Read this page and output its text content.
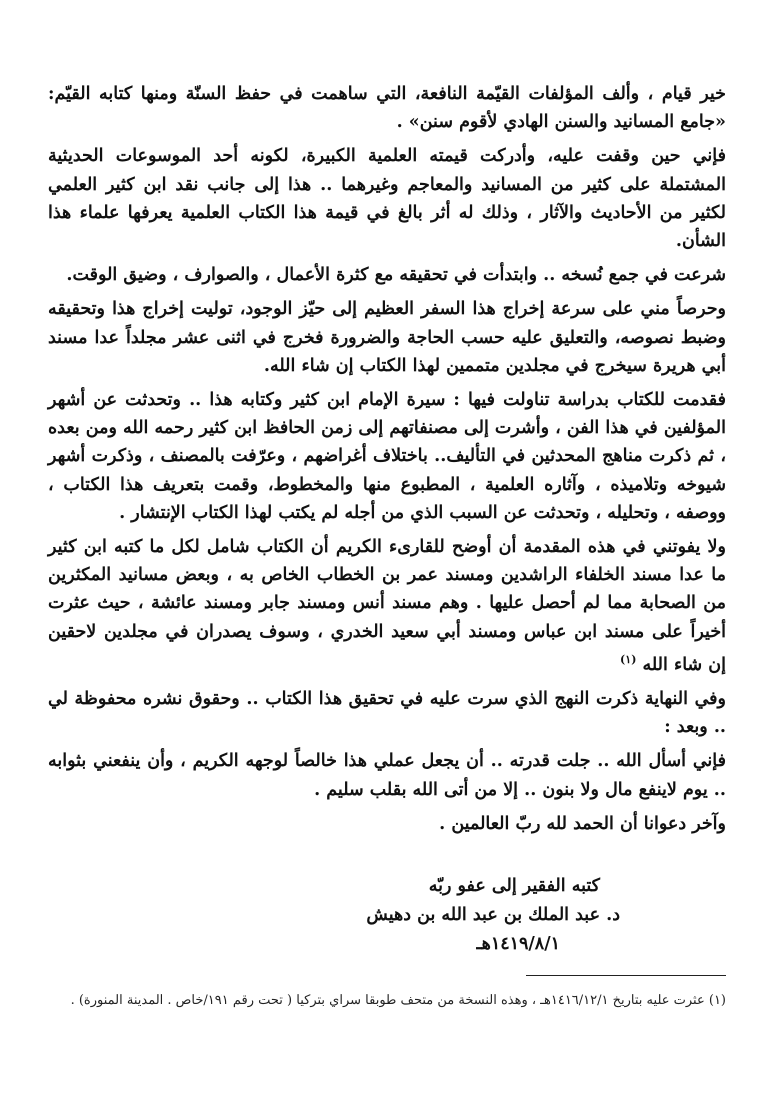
خير قيام ، وألف المؤلفات القيّمة النافعة، التي ساهمت في حفظ السنّة ومنها كتابه القيّم: «جامع المسانيد والسنن الهادي لأقوم سنن» .

فإني حين وقفت عليه، وأدركت قيمته العلمية الكبيرة، لكونه أحد الموسوعات الحديثية المشتملة على كثير من المسانيد والمعاجم وغيرهما .. هذا إلى جانب نقد ابن كثير العلمي لكثير من الأحاديث والآثار ، وذلك له أثر بالغ في قيمة هذا الكتاب العلمية يعرفها علماء هذا الشأن.

شرعت في جمع نُسخه .. وابتدأت في تحقيقه مع كثرة الأعمال ، والصوارف ، وضيق الوقت.

وحرصاً مني على سرعة إخراج هذا السفر العظيم إلى حيّز الوجود، توليت إخراج هذا وتحقيقه وضبط نصوصه، والتعليق عليه حسب الحاجة والضرورة فخرج في اثنى عشر مجلداً عدا مسند أبي هريرة سيخرج في مجلدين متممين لهذا الكتاب إن شاء الله.

فقدمت للكتاب بدراسة تناولت فيها : سيرة الإمام ابن كثير وكتابه هذا .. وتحدثت عن أشهر المؤلفين في هذا الفن ، وأشرت إلى مصنفاتهم إلى زمن الحافظ ابن كثير رحمه الله ومن بعده ، ثم ذكرت مناهج المحدثين في التأليف.. باختلاف أغراضهم ، وعرّفت بالمصنف ، وذكرت أشهر شيوخه وتلاميذه ، وآثاره العلمية ، المطبوع منها والمخطوط، وقمت بتعريف هذا الكتاب ، ووصفه ، وتحليله ، وتحدثت عن السبب الذي من أجله لم يكتب لهذا الكتاب الإنتشار .

ولا يفوتني في هذه المقدمة أن أوضح للقارىء الكريم أن الكتاب شامل لكل ما كتبه ابن كثير ما عدا مسند الخلفاء الراشدين ومسند عمر بن الخطاب الخاص به ، وبعض مسانيد المكثرين من الصحابة مما لم أحصل عليها . وهم مسند أنس ومسند جابر ومسند عائشة ، حيث عثرت أخيراً على مسند ابن عباس ومسند أبي سعيد الخدري ، وسوف يصدران في مجلدين لاحقين إن شاء الله $^{(١)}$

وفي النهاية ذكرت النهج الذي سرت عليه في تحقيق هذا الكتاب .. وحقوق نشره محفوظة لي .. وبعد :

فإني أسأل الله .. جلت قدرته .. أن يجعل عملي هذا خالصاً لوجهه الكريم ، وأن ينفعني بثوابه .. يوم لاينفع مال ولا بنون .. إلا من أتى الله بقلب سليم .

وآخر دعوانا أن الحمد لله ربّ العالمين .

كتبه الفقير إلى عفو ربّه
د. عبد الملك بن عبد الله بن دهيش
١٤١٩/٨/١هـ
(١) عثرت عليه بتاريخ ١٤١٦/١٢/١هـ ، وهذه النسخة من متحف طوبقا سراي بتركيا ( تحت رقم ١٩١/خاص . المدينة المنورة) .
